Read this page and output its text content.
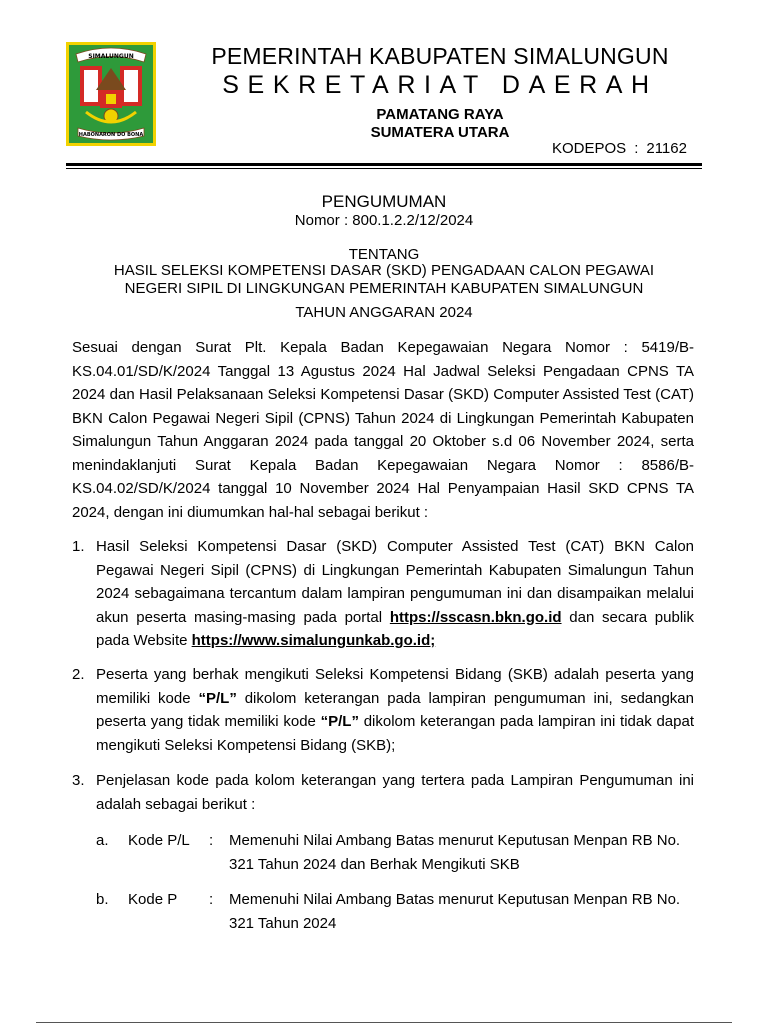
SIMALUNGUN
HABONARON DO BONA
PEMERINTAH KABUPATEN SIMALUNGUN
SEKRETARIAT DAERAH
PAMATANG RAYA
SUMATERA UTARA
KODEPOS : 21162
PENGUMUMAN
Nomor : 800.1.2.2/12/2024
TENTANG
HASIL SELEKSI KOMPETENSI DASAR (SKD) PENGADAAN CALON PEGAWAI
NEGERI SIPIL DI LINGKUNGAN PEMERINTAH KABUPATEN SIMALUNGUN
TAHUN ANGGARAN 2024
Sesuai dengan Surat Plt. Kepala Badan Kepegawaian Negara Nomor : 5419/B-KS.04.01/SD/K/2024 Tanggal 13 Agustus 2024 Hal Jadwal Seleksi Pengadaan CPNS TA 2024 dan Hasil Pelaksanaan Seleksi Kompetensi Dasar (SKD) Computer Assisted Test (CAT) BKN Calon Pegawai Negeri Sipil (CPNS) Tahun 2024 di Lingkungan Pemerintah Kabupaten Simalungun Tahun Anggaran 2024 pada tanggal 20 Oktober s.d 06 November 2024, serta menindaklanjuti Surat Kepala Badan Kepegawaian Negara Nomor : 8586/B-KS.04.02/SD/K/2024 tanggal 10 November 2024 Hal Penyampaian Hasil SKD CPNS TA 2024, dengan ini diumumkan hal-hal sebagai berikut :
1. Hasil Seleksi Kompetensi Dasar (SKD) Computer Assisted Test (CAT) BKN Calon Pegawai Negeri Sipil (CPNS) di Lingkungan Pemerintah Kabupaten Simalungun Tahun 2024 sebagaimana tercantum dalam lampiran pengumuman ini dan disampaikan melalui akun peserta masing-masing pada portal https://sscasn.bkn.go.id dan secara publik pada Website https://www.simalungunkab.go.id;
2. Peserta yang berhak mengikuti Seleksi Kompetensi Bidang (SKB) adalah peserta yang memiliki kode “P/L” dikolom keterangan pada lampiran pengumuman ini, sedangkan peserta yang tidak memiliki kode “P/L” dikolom keterangan pada lampiran ini tidak dapat mengikuti Seleksi Kompetensi Bidang (SKB);
3. Penjelasan kode pada kolom keterangan yang tertera pada Lampiran Pengumuman ini adalah sebagai berikut :
a. Kode P/L : Memenuhi Nilai Ambang Batas menurut Keputusan Menpan RB No.
321 Tahun 2024 dan Berhak Mengikuti SKB
b. Kode P : Memenuhi Nilai Ambang Batas menurut Keputusan Menpan RB No.
321 Tahun 2024
